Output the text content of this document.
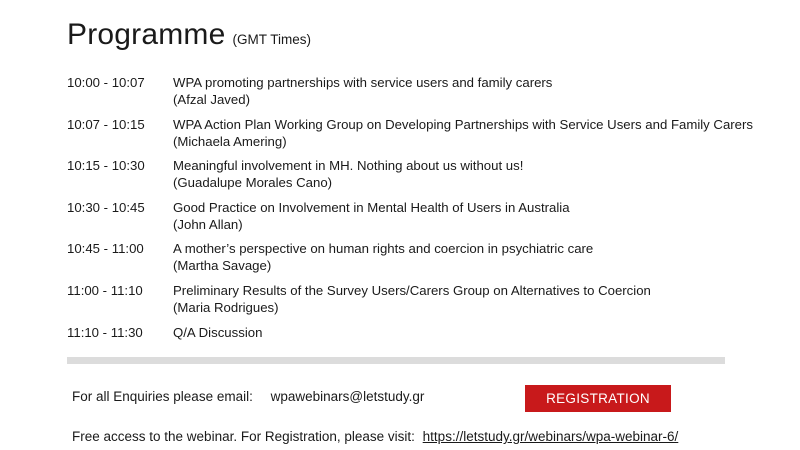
Programme (GMT Times)
10:00 - 10:07	WPA promoting partnerships with service users and family carers
(Afzal Javed)
10:07 - 10:15	WPA Action Plan Working Group on Developing Partnerships with Service Users and Family Carers
(Michaela Amering)
10:15 - 10:30	Meaningful involvement in MH. Nothing about us without us!
(Guadalupe Morales Cano)
10:30 - 10:45	Good Practice on Involvement in Mental Health of Users in Australia
(John Allan)
10:45 - 11:00	A mother’s perspective on human rights and coercion in psychiatric care
(Martha Savage)
11:00 - 11:10	Preliminary Results of the Survey Users/Carers Group on Alternatives to Coercion
(Maria Rodrigues)
11:10 - 11:30	Q/A Discussion
For all Enquiries please email: wpawebinars@letstudy.gr	REGISTRATION
Free access to the webinar. For Registration, please visit: https://letstudy.gr/webinars/wpa-webinar-6/
